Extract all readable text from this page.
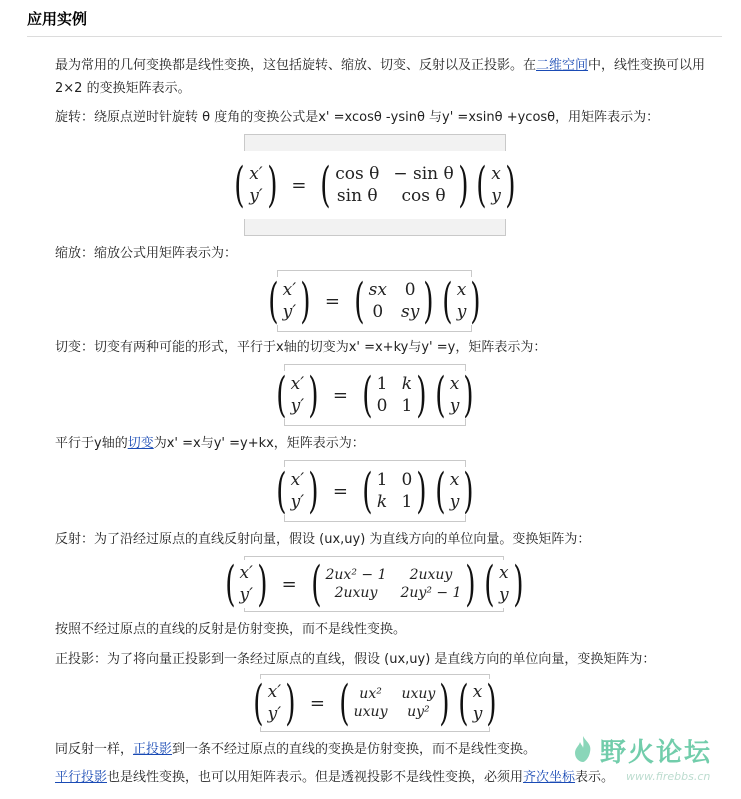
应用实例
最为常用的几何变换都是线性变换，这包括旋转、缩放、切变、反射以及正投影。在二维空间中，线性变换可以用 2×2 的变换矩阵表示。
旋转：绕原点逆时针旋转 θ 度角的变换公式是x' =xcosθ -ysinθ 与y' =xsinθ +ycosθ，用矩阵表示为：
( x′
y′ ) = ( cos θ − sin θ
sin θ	cos θ ) ( x
y )
缩放：缩放公式用矩阵表示为：
( x′
y′ ) = ( sx 0
0 sy ) ( x
y )
切变：切变有两种可能的形式，平行于x轴的切变为x' =x+ky与y' =y，矩阵表示为：
( x′
y′ ) = ( 1 k
0 1 ) ( x
y )
平行于y轴的切变为x' =x与y' =y+kx，矩阵表示为：
( x′
y′ ) = ( 1 0
k 1 ) ( x
y )
反射：为了沿经过原点的直线反射向量，假设 (ux,uy) 为直线方向的单位向量。变换矩阵为：
( x′
y′ ) = ( 2ux² − 1	2uxuy
2uxuy	2uy² − 1 ) ( x
y )
按照不经过原点的直线的反射是仿射变换，而不是线性变换。
正投影：为了将向量正投影到一条经过原点的直线，假设 (ux,uy) 是直线方向的单位向量，变换矩阵为：
( x′
y′ ) = ( ux²	uxuy
uxuy	uy² ) ( x
y )
同反射一样，正投影到一条不经过原点的直线的变换是仿射变换，而不是线性变换。
平行投影也是线性变换，也可以用矩阵表示。但是透视投影不是线性变换，必须用齐次坐标表示。
野火论坛
www.firebbs.cn
